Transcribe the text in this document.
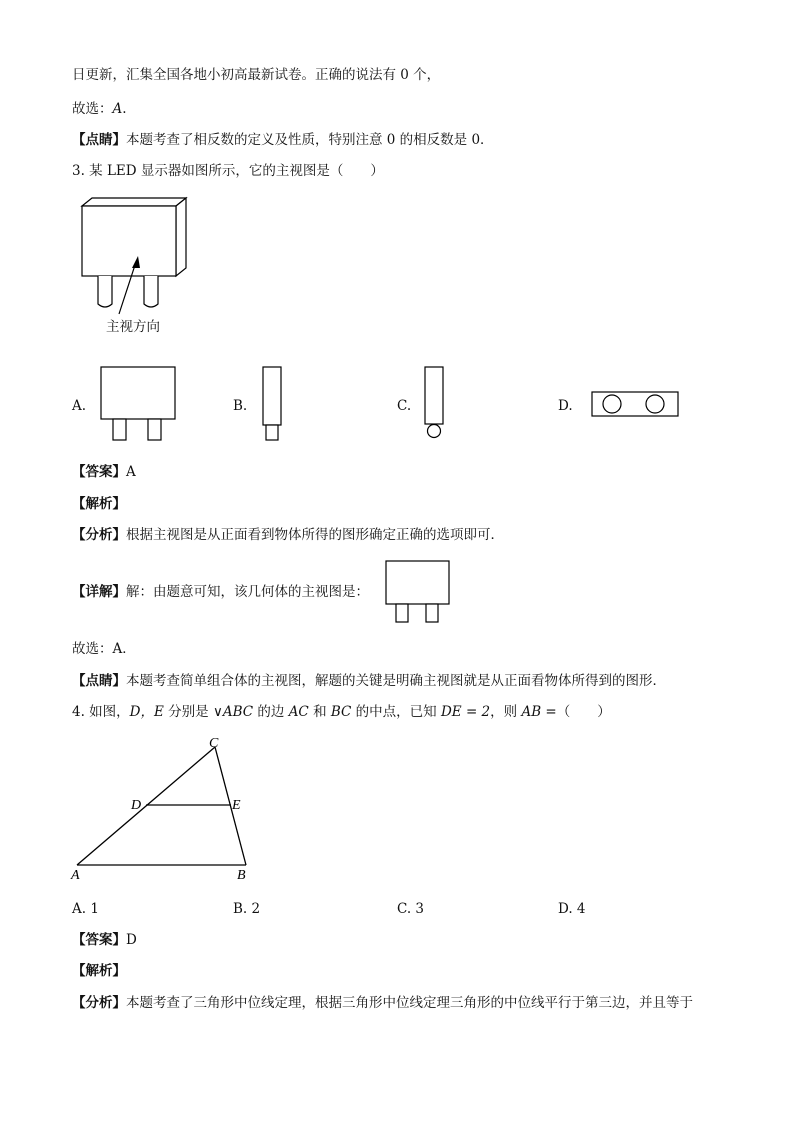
日更新，汇集全国各地小初高最新试卷。正确的说法有 0 个，
故选：A.
【点睛】本题考查了相反数的定义及性质，特别注意 0 的相反数是 0．
3. 某 LED 显示器如图所示，它的主视图是（　　）
主视方向
A.	B.	C.	D.
【答案】A
【解析】
【分析】根据主视图是从正面看到物体所得的图形确定正确的选项即可．
【详解】解：由题意可知，该几何体的主视图是：
故选：A．
【点睛】本题考查简单组合体的主视图，解题的关键是明确主视图就是从正面看物体所得到的图形．
4. 如图，D，E 分别是 ∨ABC 的边 AC 和 BC 的中点，已知 DE = 2，则 AB =（　　）
C
D	E
A	B
A. 1	B. 2	C. 3	D. 4
【答案】D
【解析】
【分析】本题考查了三角形中位线定理，根据三角形中位线定理三角形的中位线平行于第三边，并且等于
